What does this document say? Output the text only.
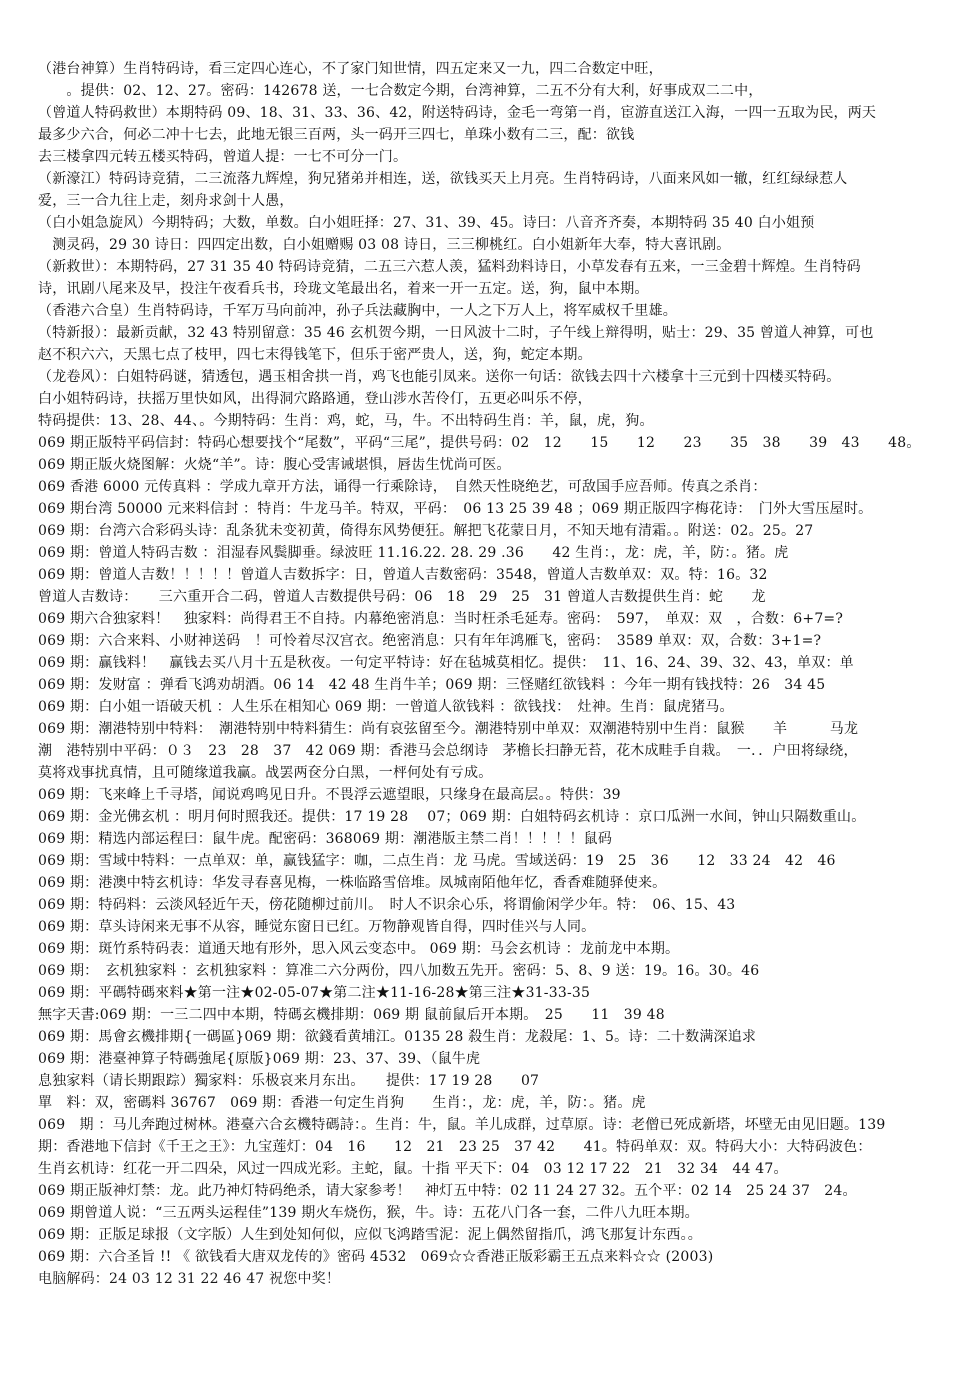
（港台神算）生肖特码诗，看三定四心连心，不了家门知世情，四五定来又一九，四二合数定中旺，
　　。提供：02、12、27。密码：142678 送，一七合数定今期，台湾神算，二五不分有大利，好事成双二二中，
（曾道人特码救世）本期特码 09、18、31、33、36、42，附送特码诗，金毛一弯第一肖，宦游直送江入海，一四一五取为民，两天
最多少六合，何必二冲十七去，此地无银三百两，头一码开三四七，单珠小数有二三，配：欲钱
去三楼拿四元转五楼买特码，曾道人提：一七不可分一门。
（新濠江）特码诗竞猜，二三流落九辉煌，狗兄猪弟并相连，送，欲钱买天上月亮。生肖特码诗，八面来风如一辙，红红绿绿惹人
爱，三一合九往上走，刻舟求剑十人愚，
（白小姐急旋风）今期特码；大数，单数。白小姐旺择：27、31、39、45。诗曰：八音齐齐奏，本期特码 35 40 白小姐预
　测灵码，29 30 诗日：四四定出数，白小姐赠赐 03 08 诗日，三三柳桃红。白小姐新年大奉，特大喜讯剧。
（新救世）：本期特码，27 31 35 40 特码诗竞猜，二五三六惹人羡，猛料劲料诗日，小草发春有五来，一三金碧十辉煌。生肖特码
诗，讯剧八尾来及早，投注午夜看兵书，玲珑文笔最出名，着来一开一五定。送，狗，鼠中本期。
（香港六合皇）生肖特码诗，千军万马向前冲，孙子兵法藏胸中，一人之下万人上，将军威权千里雄。
（特新报）：最新贡献，32 43 特别留意：35 46 玄机贺今期，一日风波十二时，子午线上辩得明，贴士：29、35 曾道人神算，可也
赵不积六六，天黑七点了枝甲，四七末得钱笔下，但乐于密严贵人，送，狗，蛇定本期。
（龙卷风）：白姐特码谜，猜透包，遇玉相舍拱一肖，鸡飞也能引凤来。送你一句话：欲钱去四十六楼拿十三元到十四楼买特码。
白小姐特码诗，扶摇万里快如风，出得洞穴路路通，登山涉水苦伶仃，五更必叫乐不停，
特码提供：13、28、44、。今期特码：生肖：鸡，蛇，马，牛。不出特码生肖：羊，鼠，虎，狗。
069 期正版特平码信封：特码心想要找个“尾数”，平码“三尾”，提供号码：02　12　　15　　12　　23　　35　38　　39　43　　48。
069 期正版火烧图解：火烧“羊”。诗：腹心受害诫堪惧，唇齿生忧尚可医。
069 香港 6000 元传真料 ：学成九章开方法，诵得一行乘除诗，　自然天性晓绝艺，可敌国手应吾师。传真之杀肖：
069 期台湾 50000 元来料信封 ：特肖：牛龙马羊。特双，平码：　06 13 25 39 48 ；069 期正版四字梅花诗：　门外大雪压屋时。
069 期：台湾六合彩码头诗：乱条犹未变初黄，倚得东风势便狂。解把飞花蒙日月，不知天地有清霜。。附送：02。25。27
069 期：曾道人特码吉数 ：泪湿春风鬓脚垂。绿波旺 11.16.22. 28. 29 .36　　42 生肖：，龙：虎，羊，防：。猪。虎
069 期：曾道人吉数！！！！！曾道人吉数拆字：日，曾道人吉数密码：3548，曾道人吉数单双：双。特：16。32
曾道人吉数诗：　　三六重开合二码，曾道人吉数提供号码：06　18　29　25　31 曾道人吉数提供生肖：蛇　　龙
069 期六合独家料！　独家料：尚得君王不自持。内幕绝密消息：当时枉杀毛延寿。密码：　597，　单双：双　，合数：6+7=?
069 期：六合来料、小财神送码　！可怜着尽汉宫衣。绝密消息：只有年年鸿雁飞，密码：　3589 单双：双，合数：3+1=?
069 期：赢钱料！　赢钱去买八月十五是秋夜。一句定平特诗：好在毡城莫相忆。提供：　11、16、24、39、32、43，单双：单
069 期：发财富 ：弹看飞鸿劝胡酒。06 14　42 48 生肖牛羊；069 期：三怪赌红欲钱料 ：今年一期有钱找特：26　34 45
069 期：白小姐一语破天机 ：人生乐在相知心 069 期：一曾道人欲钱料 ：欲钱找：　灶神。生肖：鼠虎猪马。
069 期：潮港特别中特料：　潮港特别中特料猜生：尚有哀弦留至今。潮港特别中单双：双潮港特别中生肖：鼠猴　　羊　　　马龙
潮　港特别中平码：０３　23　28　37　42 069 期：香港马会总纲诗　茅檐长扫静无苔，花木成畦手自栽。　一．．户田将绿绕，
莫将戏事扰真情，且可随缘道我赢。战罢两奁分白黑，一枰何处有亏成。
069 期：飞来峰上千寻塔，闻说鸡鸣见日升。不畏浮云遮望眼，只缘身在最高层。。特供：39
069 期：金光佛玄机 ：明月何时照我还。提供：17 19 28　 07；069 期：白姐特码玄机诗 ：京口瓜洲一水间，钟山只隔数重山。
069 期：精选内部运程曰：鼠牛虎。配密码：368069 期：潮港版主禁二肖！！！！！鼠码
069 期：雪域中特料：一点单双：单，赢钱猛字：咖，二点生肖：龙 马虎。雪域送码：19　25　36　　12　33 24　42　46
069 期：港澳中特玄机诗：华发寻春喜见梅，一株临路雪倍堆。凤城南陌他年忆，香香难随驿使来。
069 期：特码料：云淡风轻近午天，傍花随柳过前川。　时人不识余心乐，将谓偷闲学少年。特：　06、15、43
069 期：草头诗闲来无事不从容，睡觉东窗日已红。万物静观皆自得，四时佳兴与人同。
069 期：斑竹系特码表：道通天地有形外，思入风云变态中。 069 期：马会玄机诗 ：龙前龙中本期。
069 期：　玄机独家料 ：玄机独家料 ：算准二六分两份，四八加数五先开。密码：5、8、9 送：19。16。30。46
069 期：平碼特碼來料★第一注★02-05-07★第二注★11-16-28★第三注★31-33-35
無字天書:069 期：一三二四中本期，特碼玄機排期：069 期 鼠前鼠后开本期。　25　　11　39 48
069 期：馬會玄機排期{一碼區}069 期：欲錢看黄埔江。0135 28 殺生肖：龙殺尾：1、5。诗：二十数满深追求
069 期：港臺神算子特碼強尾{原版}069 期：23、37、39、（鼠牛虎
息独家料（请长期跟踪）獨家料：乐极哀来月东出。　　提供：17 19 28　　07
單　料：双，密碼料 36767　069 期：香港一句定生肖狗　　生肖：，龙：虎，羊，防：。猪。虎
069　期 ：马儿奔跑过树林。港臺六合玄機特碼詩：。生肖：牛，鼠。羊儿成群，过草原。诗：老僧已死成新塔，坏壁无由见旧题。139
期：香港地下信封《千王之王》：九宝莲灯：04　16　　12　21　23 25　37 42　　41。特码单双：双。特码大小：大特码波色：
生肖玄机诗：红花一开二四朵，风过一四成光彩。主蛇，鼠。十指 平天下：04　03 12 17 22　21　32 34　44 47。
069 期正版神灯禁：龙。此乃神灯特码绝杀，请大家参考！　神灯五中特：02 11 24 27 32。五个平：02 14　25 24 37　24。
069 期曾道人说：“三五两头运程佳”139 期火车烧伤，猴，牛。诗：五花八门各一套，二件八九旺本期。
069 期：正版足球报（文字版）人生到处知何似，应似飞鸿踏雪泥：泥上偶然留指爪，鸿飞那复计东西。。
069 期：六合圣旨 !! 《 欲钱看大唐双龙传的》密码 4532　069☆☆香港正版彩霸王五点来料☆☆ (2003)
电脑解码：24 03 12 31 22 46 47 祝您中奖！
